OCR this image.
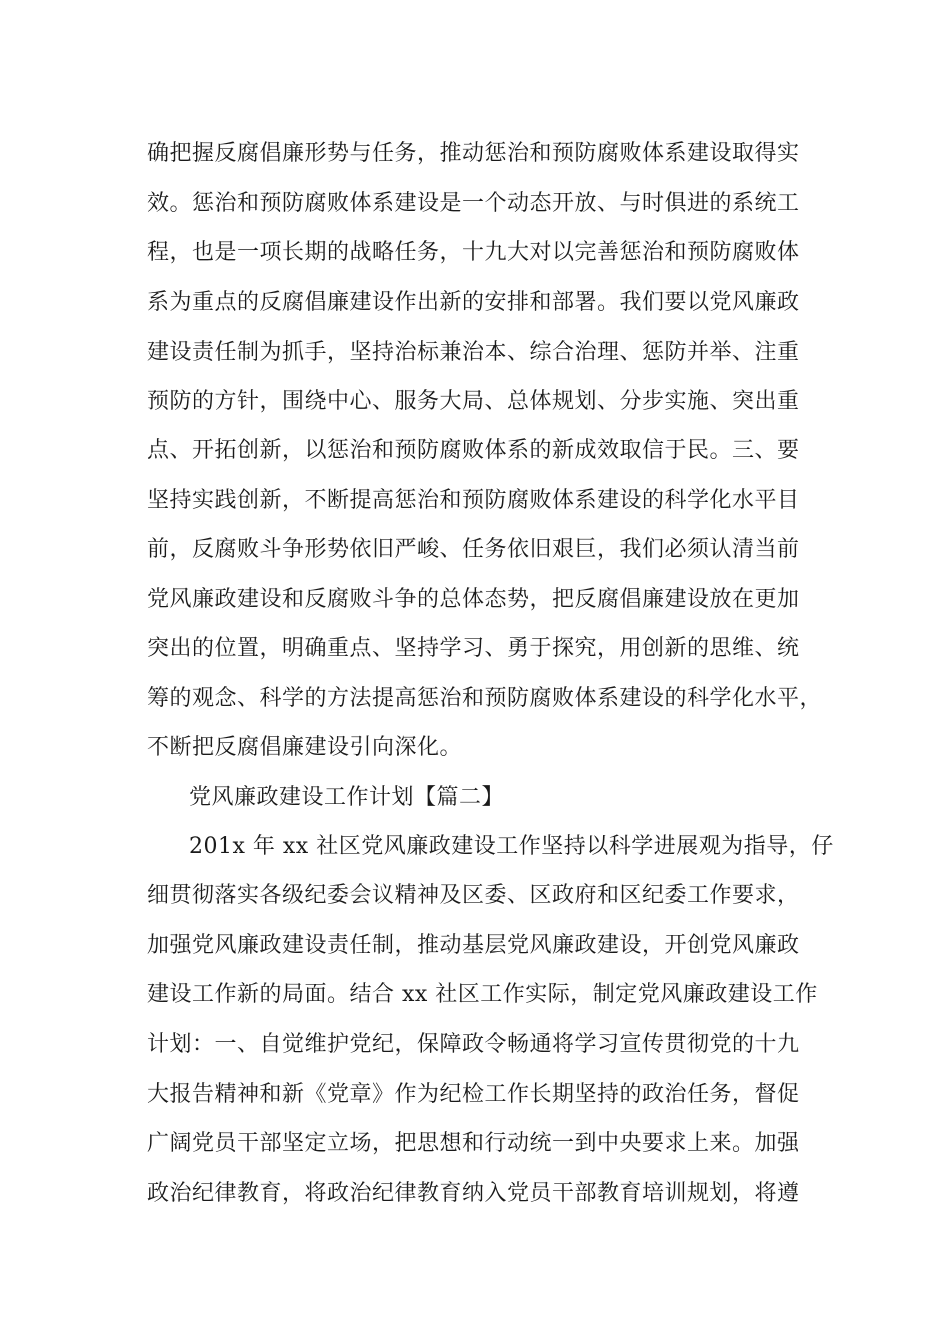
确把握反腐倡廉形势与任务，推动惩治和预防腐败体系建设取得实
效。惩治和预防腐败体系建设是一个动态开放、与时俱进的系统工
程，也是一项长期的战略任务，十九大对以完善惩治和预防腐败体
系为重点的反腐倡廉建设作出新的安排和部署。我们要以党风廉政
建设责任制为抓手，坚持治标兼治本、综合治理、惩防并举、注重
预防的方针，围绕中心、服务大局、总体规划、分步实施、突出重
点、开拓创新，以惩治和预防腐败体系的新成效取信于民。三、要
坚持实践创新，不断提高惩治和预防腐败体系建设的科学化水平目
前，反腐败斗争形势依旧严峻、任务依旧艰巨，我们必须认清当前
党风廉政建设和反腐败斗争的总体态势，把反腐倡廉建设放在更加
突出的位置，明确重点、坚持学习、勇于探究，用创新的思维、统
筹的观念、科学的方法提高惩治和预防腐败体系建设的科学化水平，
不断把反腐倡廉建设引向深化。
党风廉政建设工作计划【篇二】
201x 年 xx 社区党风廉政建设工作坚持以科学进展观为指导，仔
细贯彻落实各级纪委会议精神及区委、区政府和区纪委工作要求，
加强党风廉政建设责任制，推动基层党风廉政建设，开创党风廉政
建设工作新的局面。结合 xx 社区工作实际，制定党风廉政建设工作
计划：一、自觉维护党纪，保障政令畅通将学习宣传贯彻党的十九
大报告精神和新《党章》作为纪检工作长期坚持的政治任务，督促
广阔党员干部坚定立场，把思想和行动统一到中央要求上来。加强
政治纪律教育，将政治纪律教育纳入党员干部教育培训规划，将遵
